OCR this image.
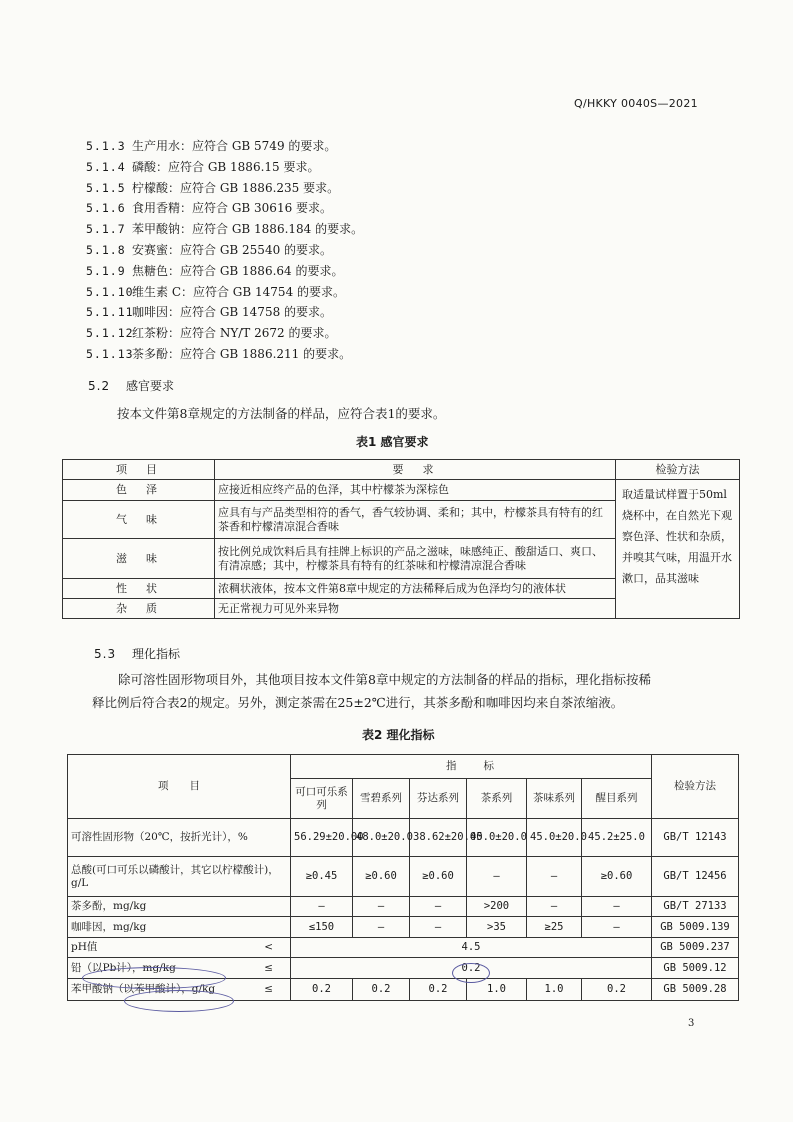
Q/HKKY 0040S—2021
5.1.3 生产用水：应符合 GB 5749 的要求。
5.1.4 磷酸：应符合 GB 1886.15 要求。
5.1.5 柠檬酸：应符合 GB 1886.235 要求。
5.1.6 食用香精：应符合 GB 30616 要求。
5.1.7 苯甲酸钠：应符合 GB 1886.184 的要求。
5.1.8 安赛蜜：应符合 GB 25540 的要求。
5.1.9 焦糖色：应符合 GB 1886.64 的要求。
5.1.10维生素 C：应符合 GB 14754 的要求。
5.1.11咖啡因：应符合 GB 14758 的要求。
5.1.12红茶粉：应符合 NY/T 2672 的要求。
5.1.13茶多酚：应符合 GB 1886.211 的要求。
5.2 感官要求
按本文件第8章规定的方法制备的样品，应符合表1的要求。
表1 感官要求
项　目	要　求	检验方法
色　泽	应接近相应终产品的色泽，其中柠檬茶为深棕色	取适量试样置于50ml烧杯中，在自然光下观察色泽、性状和杂质，并嗅其气味，用温开水漱口，品其滋味
气　味	应具有与产品类型相符的香气，香气较协调、柔和；其中，柠檬茶具有特有的红茶香和柠檬清凉混合香味	
滋　味	按比例兑成饮料后具有挂牌上标识的产品之滋味，味感纯正、酸甜适口、爽口、有清凉感；其中，柠檬茶具有特有的红茶味和柠檬清凉混合香味	
性　状	浓稠状液体，按本文件第8章中规定的方法稀释后成为色泽均匀的液体状	
杂　质	无正常视力可见外来异物	
5.3 理化指标
除可溶性固形物项目外，其他项目按本文件第8章中规定的方法制备的样品的指标，理化指标按稀
释比例后符合表2的规定。另外，测定茶需在25±2℃进行，其茶多酚和咖啡因均来自茶浓缩液。
表2 理化指标
项　　目	指　　标						检验方法
	可口可乐系列	雪碧系列	芬达系列	茶系列	茶味系列	醒目系列	
可溶性固形物（20℃，按折光计），%	56.29±20.00	48.0±20.0	38.62±20.00	45.0±20.0	45.0±20.0	45.2±25.0	GB/T 12143
总酸(可口可乐以磷酸计，其它以柠檬酸计)，g/L	≥0.45	≥0.60	≥0.60	—	—	≥0.60	GB/T 12456
茶多酚，mg/kg	—	—	—	>200	—	—	GB/T 27133
咖啡因，mg/kg	≤150	—	—	>35	≥25	—	GB 5009.139
pH值 <	4.5						GB 5009.237
铅（以Pb计），mg/kg ≤	0.2						GB 5009.12
苯甲酸钠（以苯甲酸计），g/kg ≤	0.2	0.2	0.2	1.0	1.0	0.2	GB 5009.28
3
